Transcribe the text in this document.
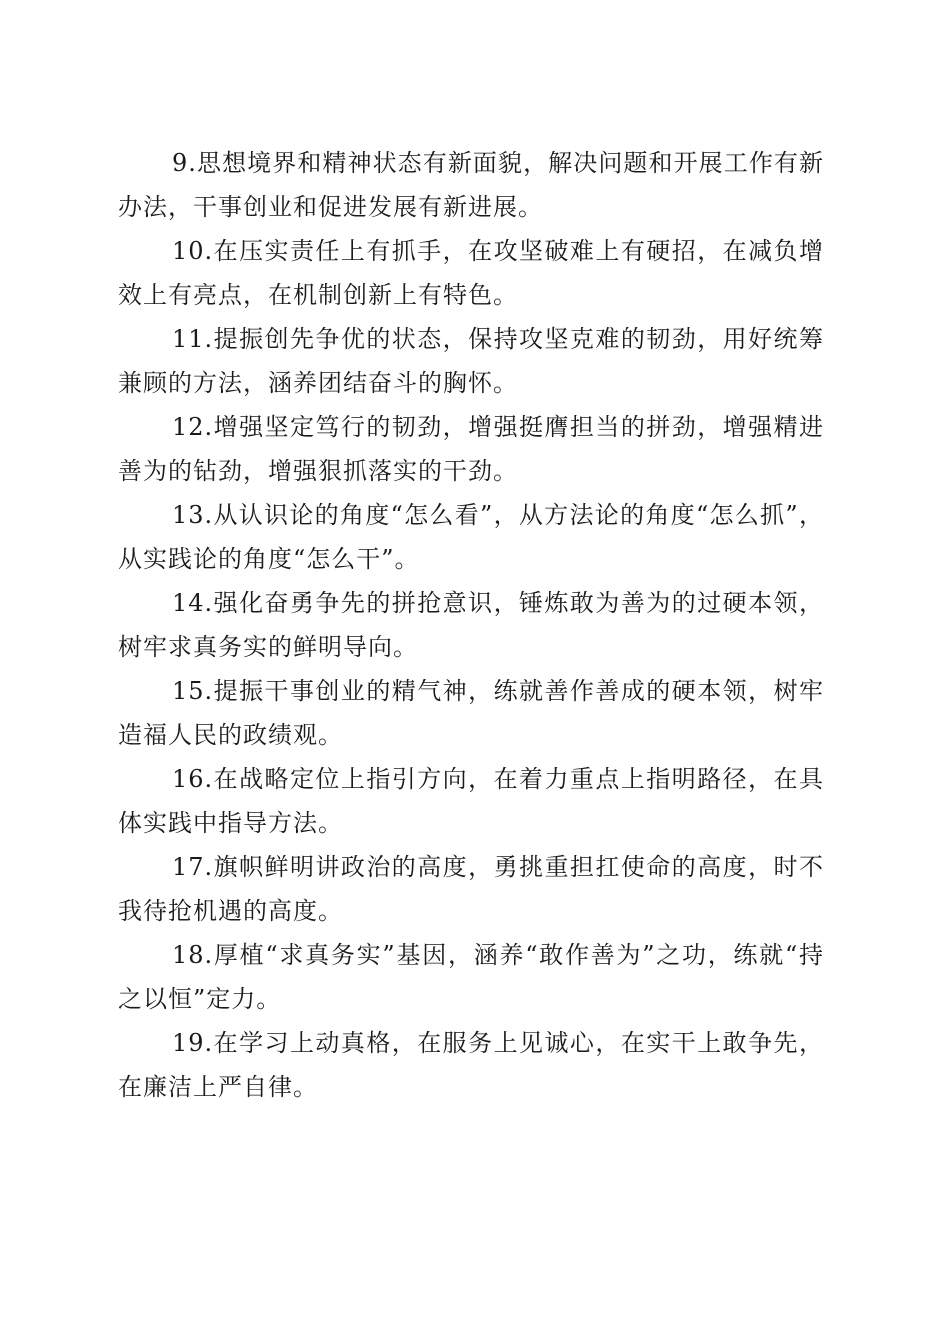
9.思想境界和精神状态有新面貌，解决问题和开展工作有新办法，干事创业和促进发展有新进展。

10.在压实责任上有抓手，在攻坚破难上有硬招，在减负增效上有亮点，在机制创新上有特色。

11.提振创先争优的状态，保持攻坚克难的韧劲，用好统筹兼顾的方法，涵养团结奋斗的胸怀。

12.增强坚定笃行的韧劲，增强挺膺担当的拼劲，增强精进善为的钻劲，增强狠抓落实的干劲。

13.从认识论的角度“怎么看”，从方法论的角度“怎么抓”，从实践论的角度“怎么干”。

14.强化奋勇争先的拼抢意识，锤炼敢为善为的过硬本领，树牢求真务实的鲜明导向。

15.提振干事创业的精气神，练就善作善成的硬本领，树牢造福人民的政绩观。

16.在战略定位上指引方向，在着力重点上指明路径，在具体实践中指导方法。

17.旗帜鲜明讲政治的高度，勇挑重担扛使命的高度，时不我待抢机遇的高度。

18.厚植“求真务实”基因，涵养“敢作善为”之功，练就“持之以恒”定力。

19.在学习上动真格，在服务上见诚心，在实干上敢争先，在廉洁上严自律。
